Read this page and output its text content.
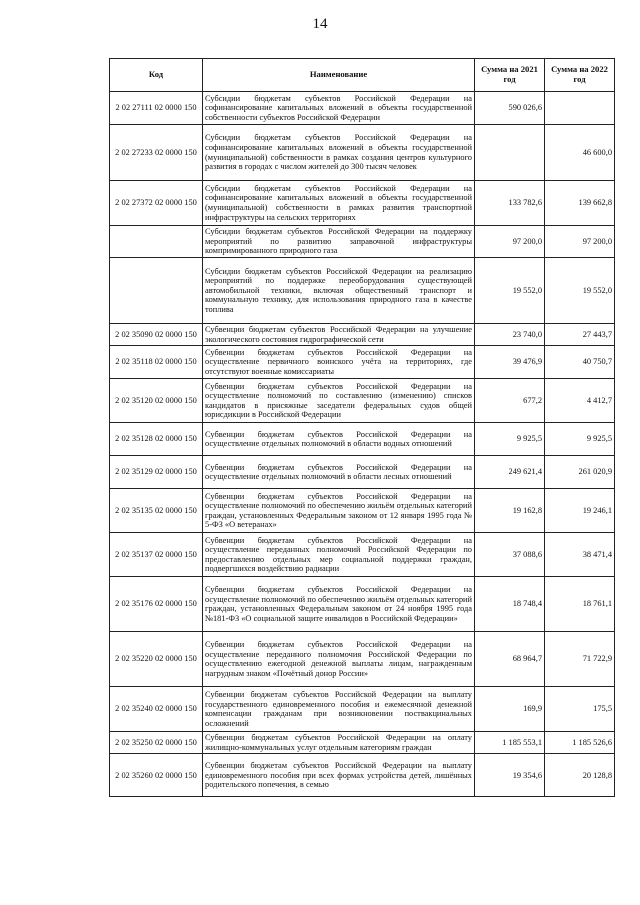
14
Код	Наименование	Сумма на 2021 год	Сумма на 2022 год
2 02 27111 02 0000 150	Субсидии бюджетам субъектов Российской Федерации на софинансирование капитальных вложений в объекты государственной собственности субъектов Российской Федерации	590 026,6	
2 02 27233 02 0000 150	Субсидии бюджетам субъектов Российской Федерации на софинансирование капитальных вложений в объекты государственной (муниципальной) собственности в рамках создания центров культурного развития в городах с числом жителей до 300 тысяч человек		46 600,0
2 02 27372 02 0000 150	Субсидии бюджетам субъектов Российской Федерации на софинансирование капитальных вложений в объекты государственной (муниципальной) собственности в рамках развития транспортной инфраструктуры на сельских территориях	133 782,6	139 662,8
	Субсидии бюджетам субъектов Российской Федерации на поддержку мероприятий по развитию заправочной инфраструктуры компримированного природного газа	97 200,0	97 200,0
	Субсидии бюджетам субъектов Российской Федерации на реализацию мероприятий по поддержке переоборудования существующей автомобильной техники, включая общественный транспорт и коммунальную технику, для использования природного газа в качестве топлива	19 552,0	19 552,0
2 02 35090 02 0000 150	Субвенции бюджетам субъектов Российской Федерации на улучшение экологического состояния гидрографической сети	23 740,0	27 443,7
2 02 35118 02 0000 150	Субвенции бюджетам субъектов Российской Федерации на осуществление первичного воинского учёта на территориях, где отсутствуют военные комиссариаты	39 476,9	40 750,7
2 02 35120 02 0000 150	Субвенции бюджетам субъектов Российской Федерации на осуществление полномочий по составлению (изменению) списков кандидатов в присяжные заседатели федеральных судов общей юрисдикции в Российской Федерации	677,2	4 412,7
2 02 35128 02 0000 150	Субвенции бюджетам субъектов Российской Федерации на осуществление отдельных полномочий в области водных отношений	9 925,5	9 925,5
2 02 35129 02 0000 150	Субвенции бюджетам субъектов Российской Федерации на осуществление отдельных полномочий в области лесных отношений	249 621,4	261 020,9
2 02 35135 02 0000 150	Субвенции бюджетам субъектов Российской Федерации на осуществление полномочий по обеспечению жильём отдельных категорий граждан, установленных Федеральным законом от 12 января 1995 года № 5-ФЗ «О ветеранах»	19 162,8	19 246,1
2 02 35137 02 0000 150	Субвенции бюджетам субъектов Российской Федерации на осуществление переданных полномочий Российской Федерации по предоставлению отдельных мер социальной поддержки граждан, подвергшихся воздействию радиации	37 088,6	38 471,4
2 02 35176 02 0000 150	Субвенции бюджетам субъектов Российской Федерации на осуществление полномочий по обеспечению жильём отдельных категорий граждан, установленных Федеральным законом от 24 ноября 1995 года №181-ФЗ «О социальной защите инвалидов в Российской Федерации»	18 748,4	18 761,1
2 02 35220 02 0000 150	Субвенции бюджетам субъектов Российской Федерации на осуществление переданного полномочия Российской Федерации по осуществлению ежегодной денежной выплаты лицам, награжденным нагрудным знаком «Почётный донор России»	68 964,7	71 722,9
2 02 35240 02 0000 150	Субвенции бюджетам субъектов Российской Федерации на выплату государственного единовременного пособия и ежемесячной денежной компенсации гражданам при возникновении поствакцинальных осложнений	169,9	175,5
2 02 35250 02 0000 150	Субвенции бюджетам субъектов Российской Федерации на оплату жилищно-коммунальных услуг отдельным категориям граждан	1 185 553,1	1 185 526,6
2 02 35260 02 0000 150	Субвенции бюджетам субъектов Российской Федерации на выплату единовременного пособия при всех формах устройства детей, лишённых родительского попечения, в семью	19 354,6	20 128,8
